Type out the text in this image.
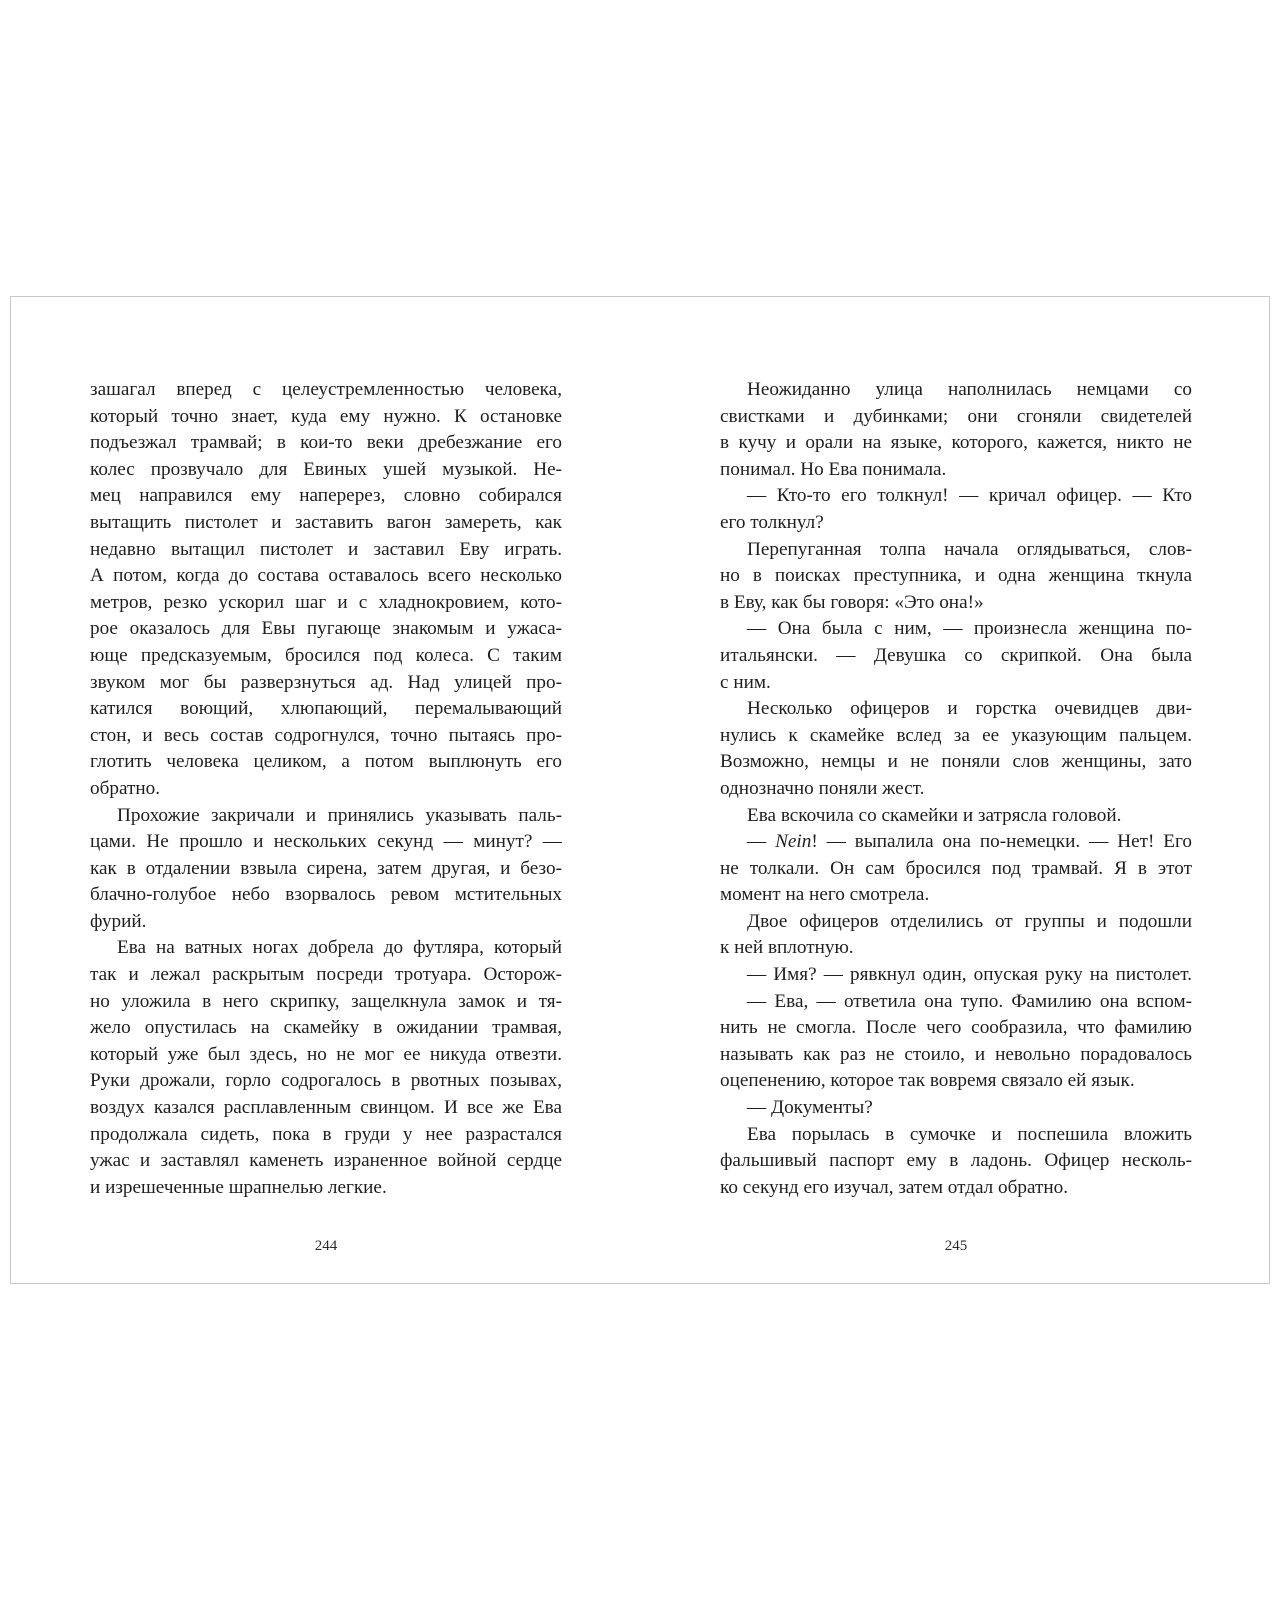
зашагал вперед с целеустремленностью человека,
который точно знает, куда ему нужно. К остановке
подъезжал трамвай; в кои-то веки дребезжание его
колес прозвучало для Евиных ушей музыкой. Не-
мец направился ему наперерез, словно собирался
вытащить пистолет и заставить вагон замереть, как
недавно вытащил пистолет и заставил Еву играть.
А потом, когда до состава оставалось всего несколько
метров, резко ускорил шаг и с хладнокровием, кото-
рое оказалось для Евы пугающе знакомым и ужаса-
юще предсказуемым, бросился под колеса. С таким
звуком мог бы разверзнуться ад. Над улицей про-
катился воющий, хлюпающий, перемалывающий
стон, и весь состав содрогнулся, точно пытаясь про-
глотить человека целиком, а потом выплюнуть его
обратно.
Прохожие закричали и принялись указывать паль-
цами. Не прошло и нескольких секунд — минут? —
как в отдалении взвыла сирена, затем другая, и безо-
блачно-голубое небо взорвалось ревом мстительных
фурий.
Ева на ватных ногах добрела до футляра, который
так и лежал раскрытым посреди тротуара. Осторож-
но уложила в него скрипку, защелкнула замок и тя-
жело опустилась на скамейку в ожидании трамвая,
который уже был здесь, но не мог ее никуда отвезти.
Руки дрожали, горло содрогалось в рвотных позывах,
воздух казался расплавленным свинцом. И все же Ева
продолжала сидеть, пока в груди у нее разрастался
ужас и заставлял каменеть израненное войной сердце
и изрешеченные шрапнелью легкие.
Неожиданно улица наполнилась немцами со
свистками и дубинками; они сгоняли свидетелей
в кучу и орали на языке, которого, кажется, никто не
понимал. Но Ева понимала.
— Кто-то его толкнул! — кричал офицер. — Кто
его толкнул?
Перепуганная толпа начала оглядываться, слов-
но в поисках преступника, и одна женщина ткнула
в Еву, как бы говоря: «Это она!»
— Она была с ним, — произнесла женщина по-
итальянски. — Девушка со скрипкой. Она была
с ним.
Несколько офицеров и горстка очевидцев дви-
нулись к скамейке вслед за ее указующим пальцем.
Возможно, немцы и не поняли слов женщины, зато
однозначно поняли жест.
Ева вскочила со скамейки и затрясла головой.
— Nein! — выпалила она по-немецки. — Нет! Его
не толкали. Он сам бросился под трамвай. Я в этот
момент на него смотрела.
Двое офицеров отделились от группы и подошли
к ней вплотную.
— Имя? — рявкнул один, опуская руку на пистолет.
— Ева, — ответила она тупо. Фамилию она вспом-
нить не смогла. После чего сообразила, что фамилию
называть как раз не стоило, и невольно порадовалось
оцепенению, которое так вовремя связало ей язык.
— Документы?
Ева порылась в сумочке и поспешила вложить
фальшивый паспорт ему в ладонь. Офицер несколь-
ко секунд его изучал, затем отдал обратно.
244	245
